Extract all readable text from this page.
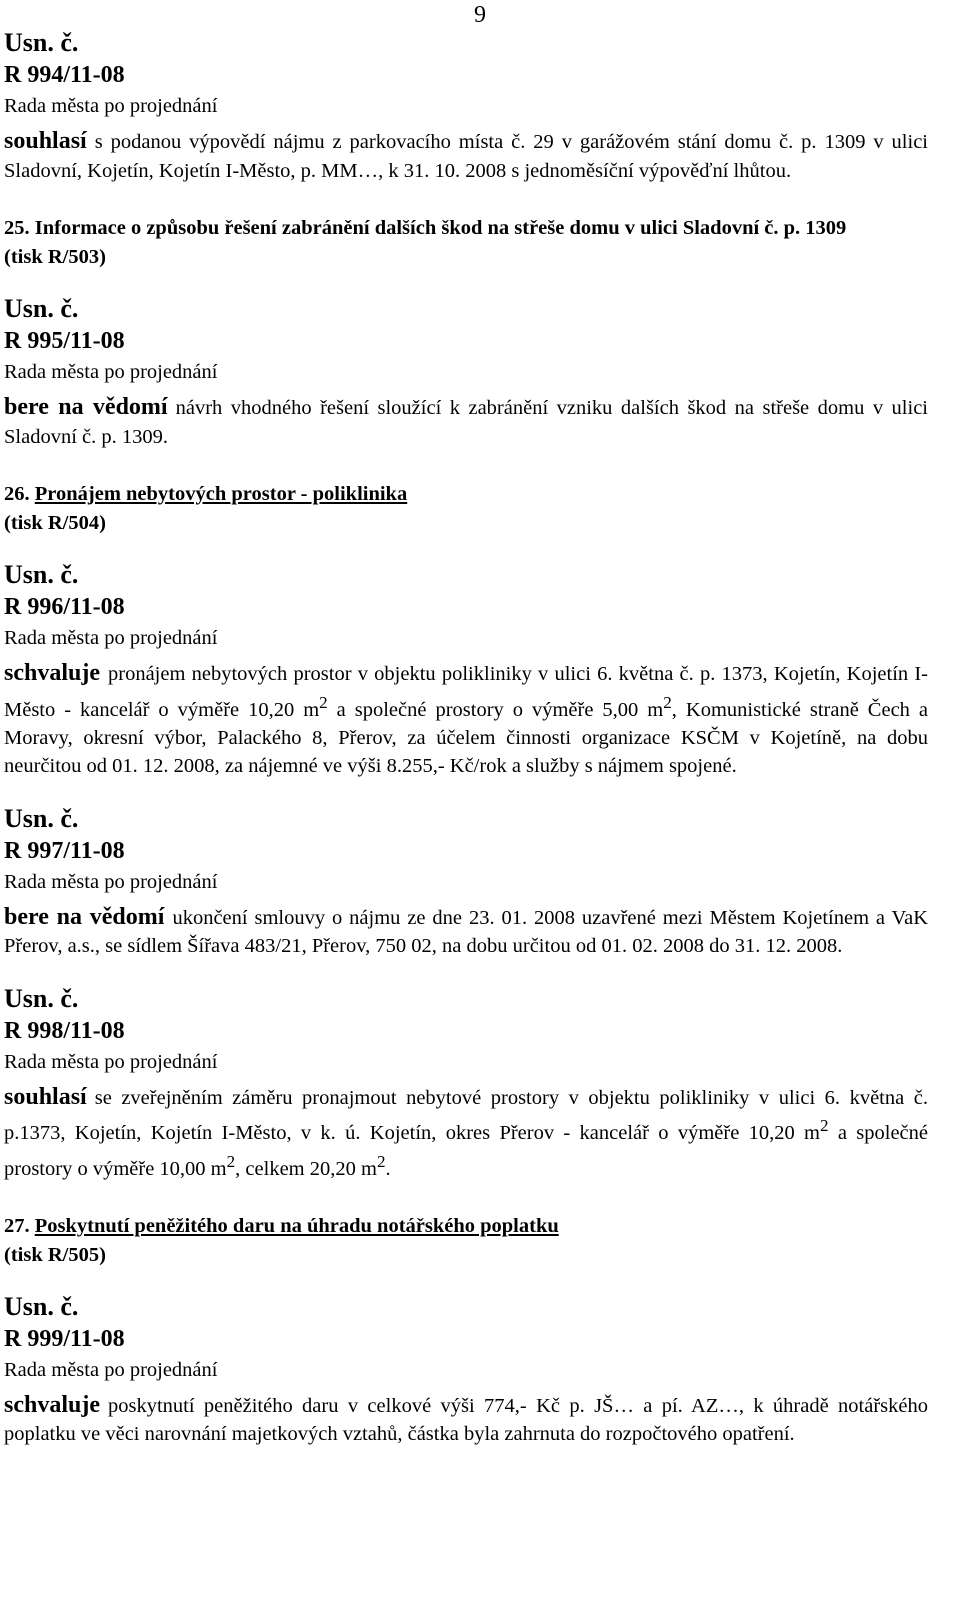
9
Usn. č.
R 994/11-08
Rada města po projednání
souhlasí s podanou výpovědí nájmu z parkovacího místa č. 29 v garážovém stání domu č. p. 1309 v ulici Sladovní, Kojetín, Kojetín I-Město, p. MM…, k 31. 10. 2008 s jednoměsíční výpověďní lhůtou.
25. Informace o způsobu řešení zabránění dalších škod na střeše domu v ulici Sladovní č. p. 1309
(tisk R/503)
Usn. č.
R 995/11-08
Rada města po projednání
bere na vědomí návrh vhodného řešení sloužící k zabránění vzniku dalších škod na střeše domu v ulici Sladovní č. p. 1309.
26. Pronájem nebytových prostor - poliklinika
(tisk R/504)
Usn. č.
R 996/11-08
Rada města po projednání
schvaluje pronájem nebytových prostor v objektu polikliniky v ulici 6. května č. p. 1373, Kojetín, Kojetín I-Město - kancelář o výměře 10,20 $m^2$ a společné prostory o výměře 5,00 $m^2$, Komunistické straně Čech a Moravy, okresní výbor, Palackého 8, Přerov, za účelem činnosti organizace KSČM v Kojetíně, na dobu neurčitou od 01. 12. 2008, za nájemné ve výši 8.255,- Kč/rok a služby s nájmem spojené.
Usn. č.
R 997/11-08
Rada města po projednání
bere na vědomí ukončení smlouvy o nájmu ze dne 23. 01. 2008 uzavřené mezi Městem Kojetínem a VaK Přerov, a.s., se sídlem Šířava 483/21, Přerov, 750 02, na dobu určitou od 01. 02. 2008 do 31. 12. 2008.
Usn. č.
R 998/11-08
Rada města po projednání
souhlasí se zveřejněním záměru pronajmout nebytové prostory v objektu polikliniky v ulici 6. května č. p.1373, Kojetín, Kojetín I-Město, v k. ú. Kojetín, okres Přerov - kancelář o výměře 10,20 $m^2$ a společné prostory o výměře 10,00 $m^2$, celkem 20,20 $m^2$.
27. Poskytnutí peněžitého daru na úhradu notářského poplatku
(tisk R/505)
Usn. č.
R 999/11-08
Rada města po projednání
schvaluje poskytnutí peněžitého daru v celkové výši 774,- Kč p. JŠ… a pí. AZ…, k úhradě notářského poplatku ve věci narovnání majetkových vztahů, částka byla zahrnuta do rozpočtového opatření.
